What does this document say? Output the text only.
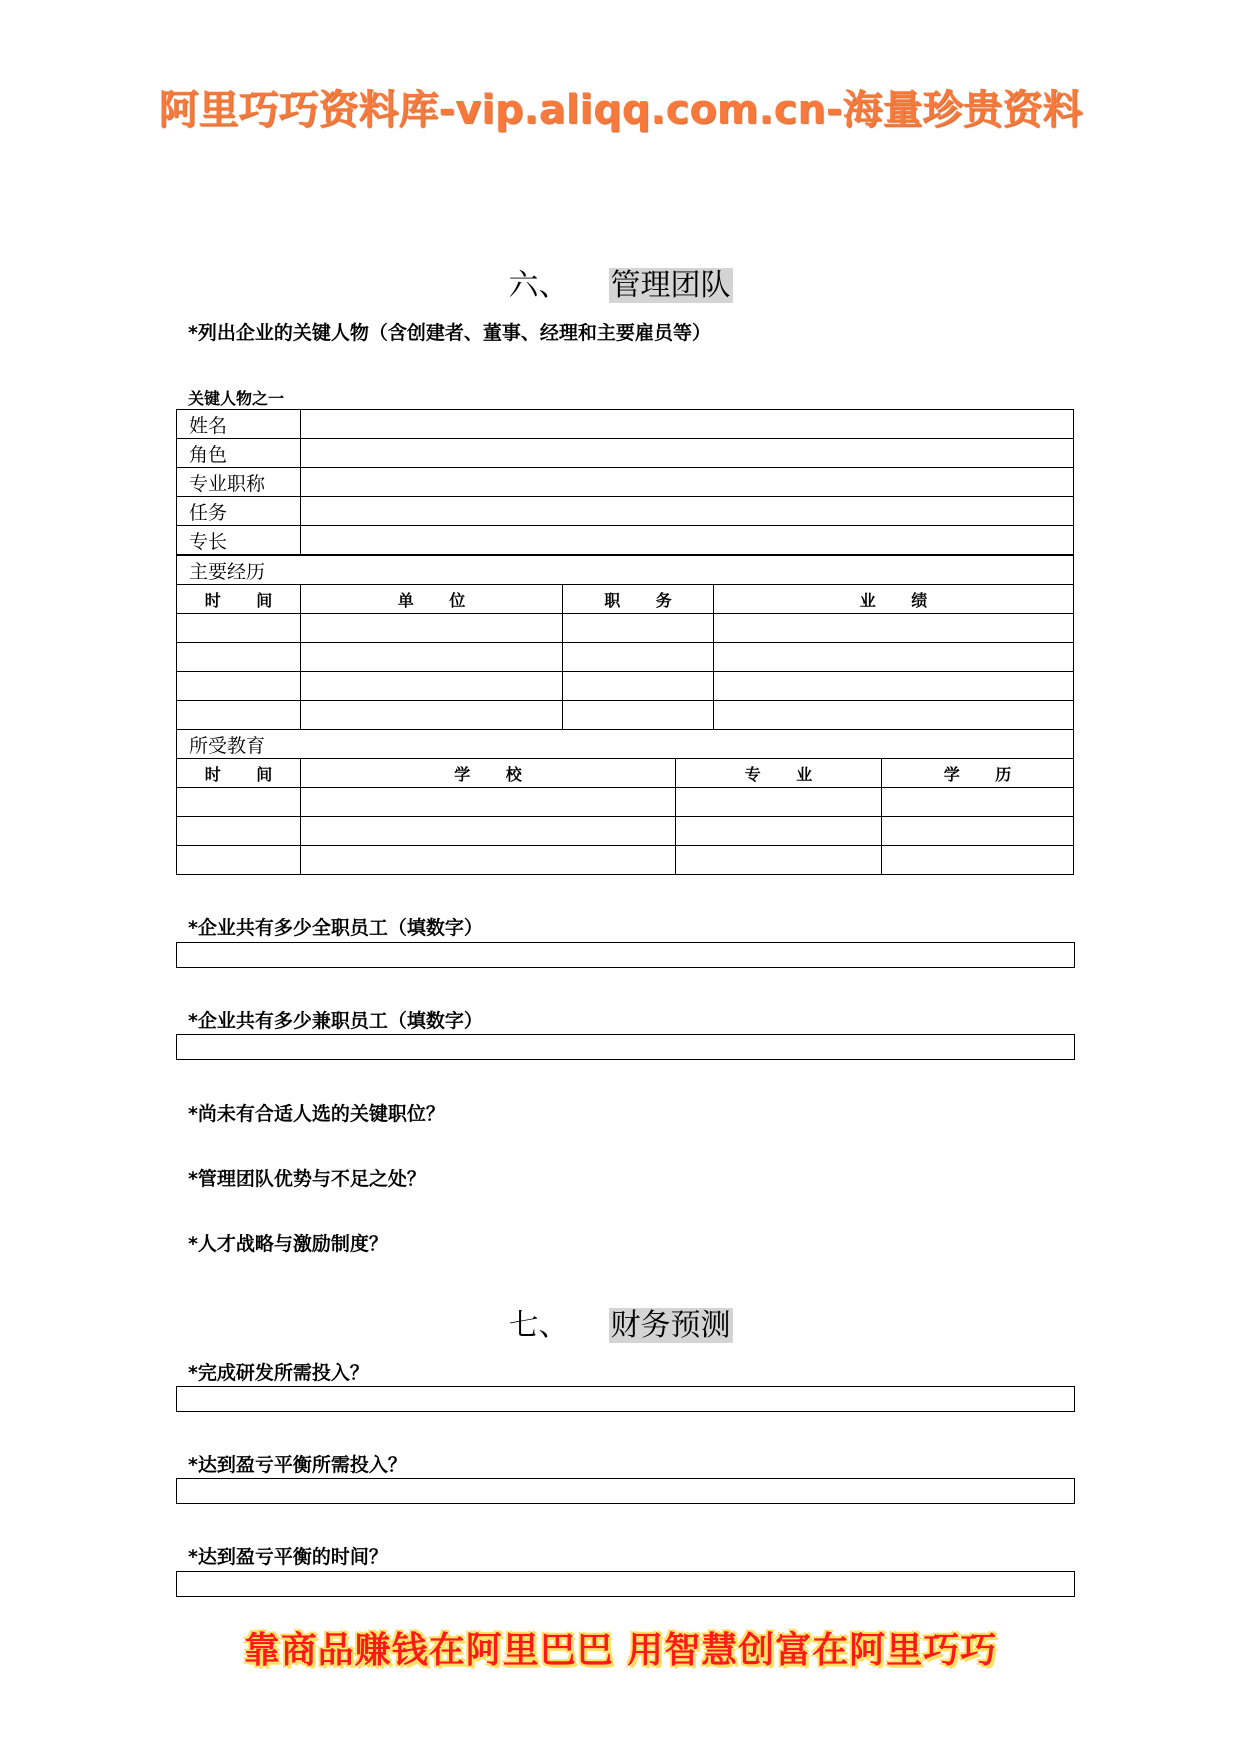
阿里巧巧资料库-vip.aliqq.com.cn-海量珍贵资料
六、 管理团队
*列出企业的关键人物（含创建者、董事、经理和主要雇员等）
关键人物之一
姓名	
角色	
专业职称	
任务	
专长	
主要经历			
时 间	单 位	职 务	业 绩

所受教育			
时 间	学 校	专 业	学 历

*企业共有多少全职员工（填数字）
*企业共有多少兼职员工（填数字）
*尚未有合适人选的关键职位？
*管理团队优势与不足之处？
*人才战略与激励制度？
七、 财务预测
*完成研发所需投入？
*达到盈亏平衡所需投入？
*达到盈亏平衡的时间？
靠商品赚钱在阿里巴巴 用智慧创富在阿里巧巧
